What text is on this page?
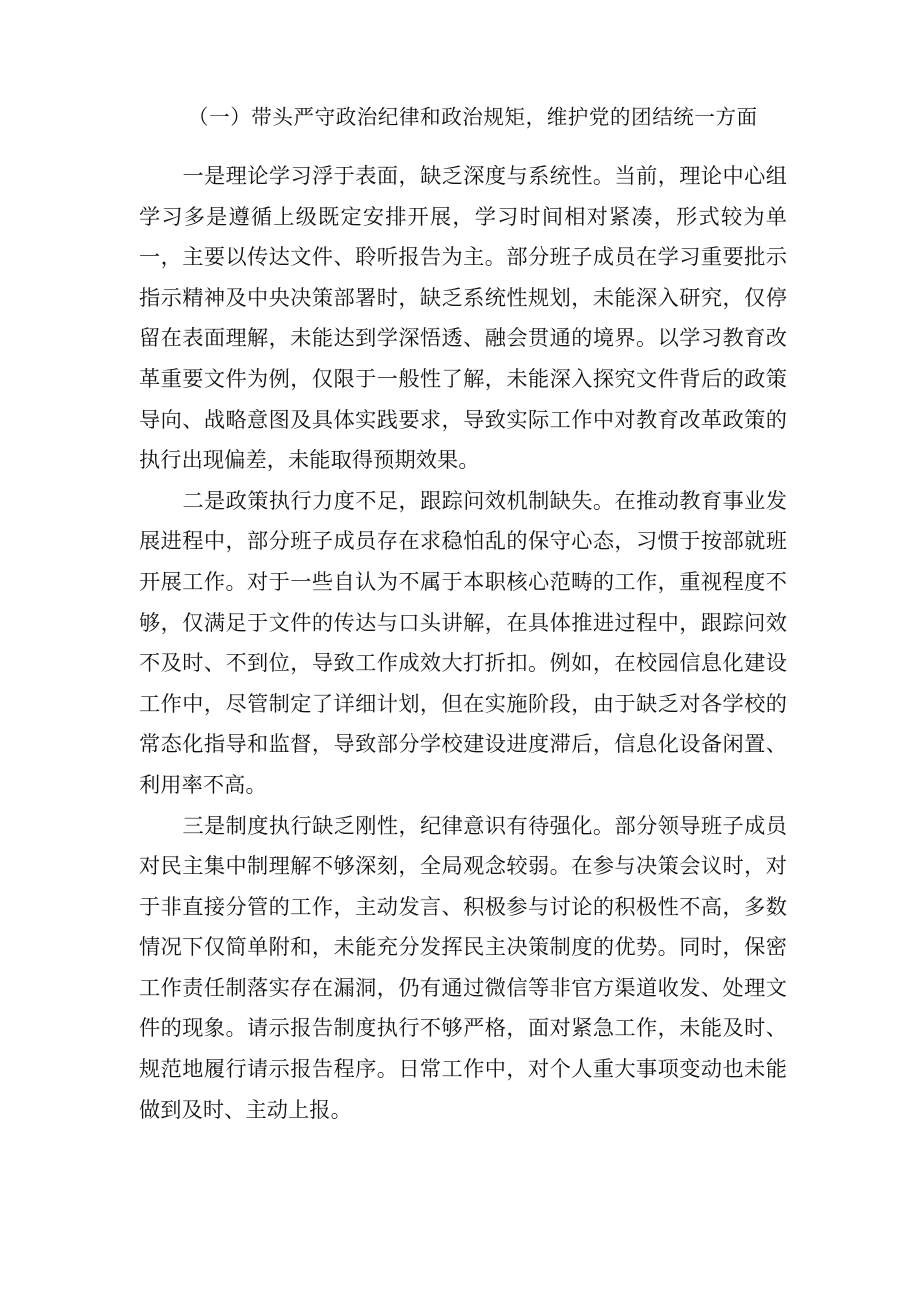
（一）带头严守政治纪律和政治规矩，维护党的团结统一方面

一是理论学习浮于表面，缺乏深度与系统性。当前，理论中心组学习多是遵循上级既定安排开展，学习时间相对紧凑，形式较为单一，主要以传达文件、聆听报告为主。部分班子成员在学习重要批示指示精神及中央决策部署时，缺乏系统性规划，未能深入研究，仅停留在表面理解，未能达到学深悟透、融会贯通的境界。以学习教育改革重要文件为例，仅限于一般性了解，未能深入探究文件背后的政策导向、战略意图及具体实践要求，导致实际工作中对教育改革政策的执行出现偏差，未能取得预期效果。

二是政策执行力度不足，跟踪问效机制缺失。在推动教育事业发展进程中，部分班子成员存在求稳怕乱的保守心态，习惯于按部就班开展工作。对于一些自认为不属于本职核心范畴的工作，重视程度不够，仅满足于文件的传达与口头讲解，在具体推进过程中，跟踪问效不及时、不到位，导致工作成效大打折扣。例如，在校园信息化建设工作中，尽管制定了详细计划，但在实施阶段，由于缺乏对各学校的常态化指导和监督，导致部分学校建设进度滞后，信息化设备闲置、利用率不高。

三是制度执行缺乏刚性，纪律意识有待强化。部分领导班子成员对民主集中制理解不够深刻，全局观念较弱。在参与决策会议时，对于非直接分管的工作，主动发言、积极参与讨论的积极性不高，多数情况下仅简单附和，未能充分发挥民主决策制度的优势。同时，保密工作责任制落实存在漏洞，仍有通过微信等非官方渠道收发、处理文件的现象。请示报告制度执行不够严格，面对紧急工作，未能及时、规范地履行请示报告程序。日常工作中，对个人重大事项变动也未能做到及时、主动上报。
